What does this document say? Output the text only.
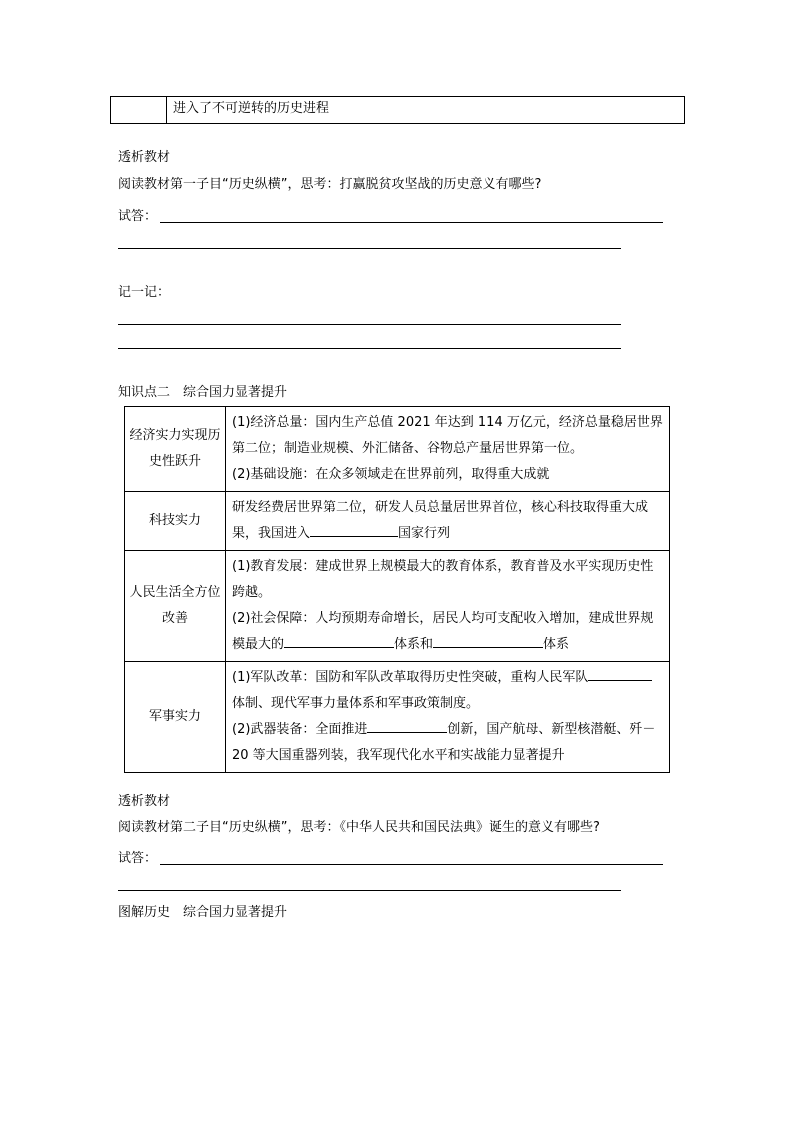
	进入了不可逆转的历史进程
透析教材
阅读教材第一子目“历史纵横”，思考：打赢脱贫攻坚战的历史意义有哪些?
试答：
记一记：
知识点二　综合国力显著提升
经济实力实现历史性跃升	(1)经济总量：国内生产总值 2021 年达到 114 万亿元，经济总量稳居世界第二位；制造业规模、外汇储备、谷物总产量居世界第一位。

(2)基础设施：在众多领域走在世界前列，取得重大成就

科技实力	研发经费居世界第二位，研发人员总量居世界首位，核心科技取得重大成果，我国进入 国家行列

人民生活全方位改善	(1)教育发展：建成世界上规模最大的教育体系，教育普及水平实现历史性跨越。

(2)社会保障：人均预期寿命增长，居民人均可支配收入增加，建成世界规模最大的 体系和 体系

军事实力	(1)军队改革：国防和军队改革取得历史性突破，重构人民军队体制、现代军事力量体系和军事政策制度。

(2)武器装备：全面推进 创新，国产航母、新型核潜艇、歼－20 等大国重器列装，我军现代化水平和实战能力显著提升

透析教材
阅读教材第二子目“历史纵横”，思考：《中华人民共和国民法典》诞生的意义有哪些?
试答：
图解历史　综合国力显著提升
